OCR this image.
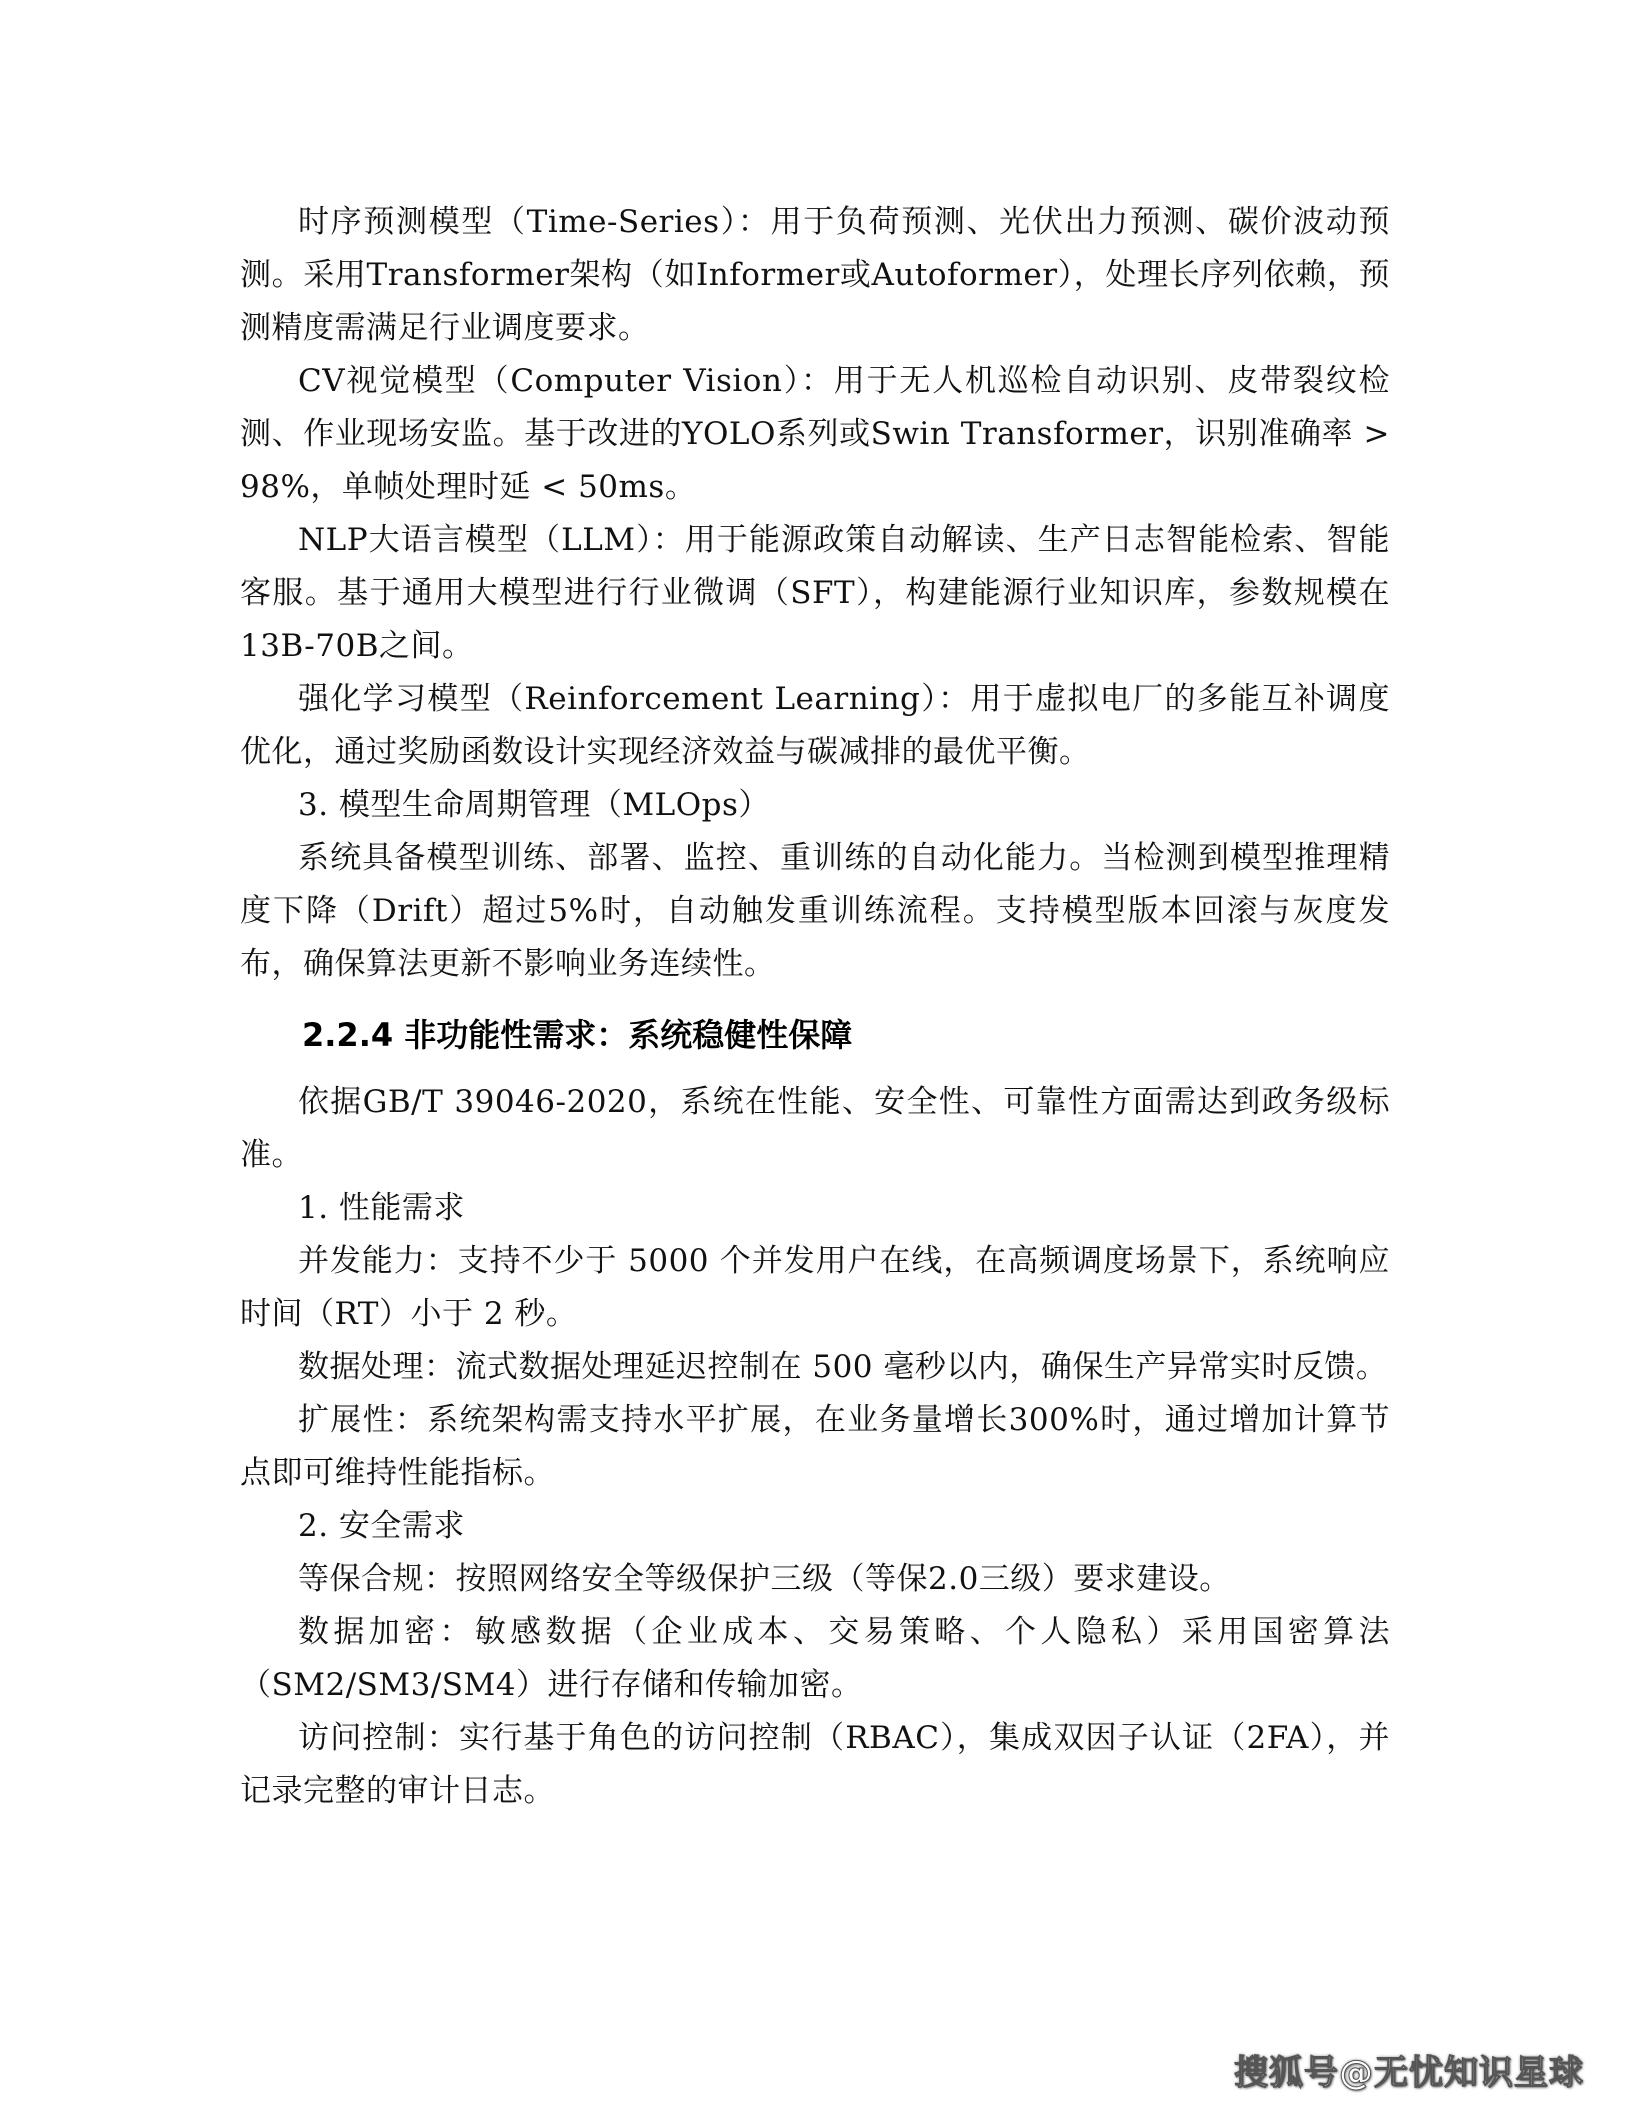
时序预测模型（Time-Series）：用于负荷预测、光伏出力预测、碳价波动预测。采用Transformer架构（如Informer或Autoformer），处理长序列依赖，预测精度需满足行业调度要求。

CV视觉模型（Computer Vision）：用于无人机巡检自动识别、皮带裂纹检测、作业现场安监。基于改进的YOLO系列或Swin Transformer，识别准确率 > 98%，单帧处理时延 < 50ms。

NLP大语言模型（LLM）：用于能源政策自动解读、生产日志智能检索、智能客服。基于通用大模型进行行业微调（SFT），构建能源行业知识库，参数规模在13B-70B之间。

强化学习模型（Reinforcement Learning）：用于虚拟电厂的多能互补调度优化，通过奖励函数设计实现经济效益与碳减排的最优平衡。

3. 模型生命周期管理（MLOps）

系统具备模型训练、部署、监控、重训练的自动化能力。当检测到模型推理精度下降（Drift）超过5%时，自动触发重训练流程。支持模型版本回滚与灰度发布，确保算法更新不影响业务连续性。

2.2.4 非功能性需求：系统稳健性保障

依据GB/T 39046-2020，系统在性能、安全性、可靠性方面需达到政务级标准。

1. 性能需求

并发能力：支持不少于 5000 个并发用户在线，在高频调度场景下，系统响应时间（RT）小于 2 秒。

数据处理：流式数据处理延迟控制在 500 毫秒以内，确保生产异常实时反馈。

扩展性：系统架构需支持水平扩展，在业务量增长300%时，通过增加计算节点即可维持性能指标。

2. 安全需求

等保合规：按照网络安全等级保护三级（等保2.0三级）要求建设。

数据加密：敏感数据（企业成本、交易策略、个人隐私）采用国密算法（SM2/SM3/SM4）进行存储和传输加密。

访问控制：实行基于角色的访问控制（RBAC），集成双因子认证（2FA），并记录完整的审计日志。

搜狐号@无忧知识星球
